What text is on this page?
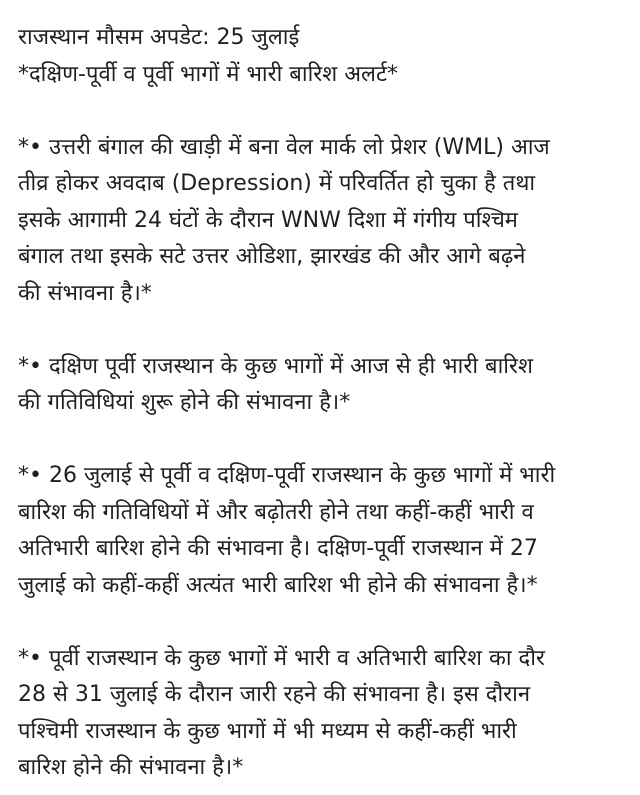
राजस्थान मौसम अपडेट: 25 जुलाई
*दक्षिण-पूर्वी व पूर्वी भागों में भारी बारिश अलर्ट*
*• उत्तरी बंगाल की खाड़ी में बना वेल मार्क लो प्रेशर (WML) आज
तीव्र होकर अवदाब (Depression) में परिवर्तित हो चुका है तथा
इसके आगामी 24 घंटों के दौरान WNW दिशा में गंगीय पश्चिम
बंगाल तथा इसके सटे उत्तर ओडिशा, झारखंड की और आगे बढ़ने
की संभावना है।*
*• दक्षिण पूर्वी राजस्थान के कुछ भागों में आज से ही भारी बारिश
की गतिविधियां शुरू होने की संभावना है।*
*• 26 जुलाई से पूर्वी व दक्षिण-पूर्वी राजस्थान के कुछ भागों में भारी
बारिश की गतिविधियों में और बढ़ोतरी होने तथा कहीं-कहीं भारी व
अतिभारी बारिश होने की संभावना है। दक्षिण-पूर्वी राजस्थान में 27
जुलाई को कहीं-कहीं अत्यंत भारी बारिश भी होने की संभावना है।*
*• पूर्वी राजस्थान के कुछ भागों में भारी व अतिभारी बारिश का दौर
28 से 31 जुलाई के दौरान जारी रहने की संभावना है। इस दौरान
पश्चिमी राजस्थान के कुछ भागों में भी मध्यम से कहीं-कहीं भारी
बारिश होने की संभावना है।*
